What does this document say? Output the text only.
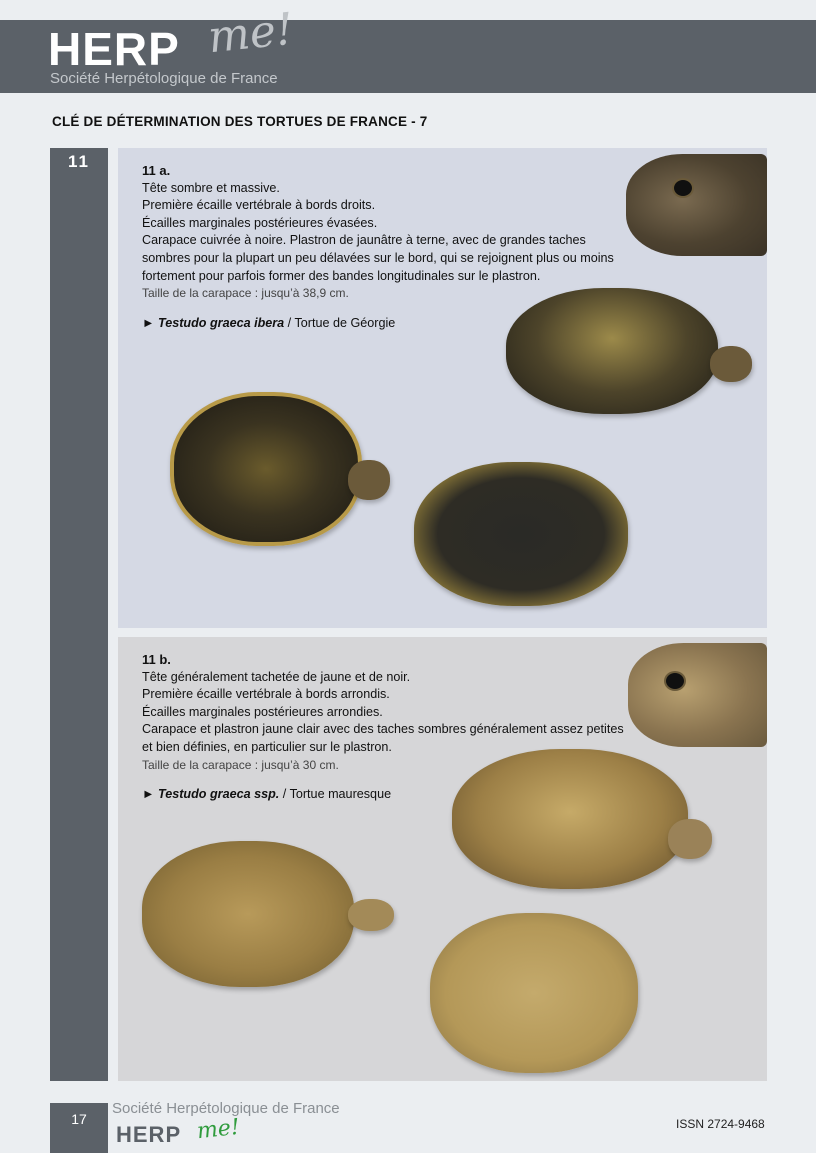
HERP me!
Société Herpétologique de France
CLÉ DE DÉTERMINATION DES TORTUES DE FRANCE - 7
11	11 a.
Tête sombre et massive.
Première écaille vertébrale à bords droits.
Écailles marginales postérieures évasées.
Carapace cuivrée à noire. Plastron de jaunâtre à terne, avec de grandes taches sombres pour la plupart un peu délavées sur le bord, qui se rejoignent plus ou moins fortement pour parfois former des bandes longitudinales sur le plastron.
Taille de la carapace : jusqu’à 38,9 cm.
► Testudo graeca ibera / Tortue de Géorgie
11 b.
Tête généralement tachetée de jaune et de noir.
Première écaille vertébrale à bords arrondis.
Écailles marginales postérieures arrondies.
Carapace et plastron jaune clair avec des taches sombres généralement assez petites et bien définies, en particulier sur le plastron.
Taille de la carapace : jusqu’à 30 cm.
► Testudo graeca ssp. / Tortue mauresque
17
Société Herpétologique de France
HERP me!	ISSN 2724-9468
